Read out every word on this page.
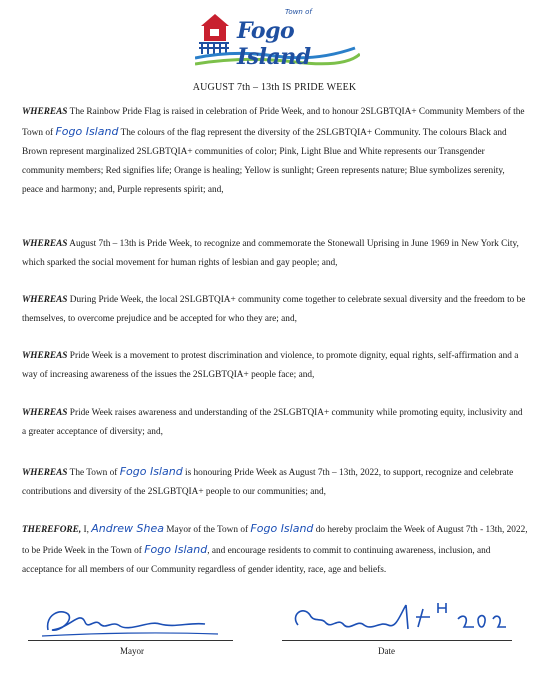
Town of
Fogo Island
AUGUST 7th – 13th IS PRIDE WEEK

WHEREAS The Rainbow Pride Flag is raised in celebration of Pride Week, and to honour 2SLGBTQIA+ Community Members of the Town of Fogo Island The colours of the flag represent the diversity of the 2SLGBTQIA+ Community. The colours Black and Brown represent marginalized 2SLGBTQIA+ communities of color; Pink, Light Blue and White represents our Transgender community members; Red signifies life; Orange is healing; Yellow is sunlight; Green represents nature; Blue symbolizes serenity, peace and harmony; and, Purple represents spirit; and,

WHEREAS August 7th – 13th is Pride Week, to recognize and commemorate the Stonewall Uprising in June 1969 in New York City, which sparked the social movement for human rights of lesbian and gay people; and,

WHEREAS During Pride Week, the local 2SLGBTQIA+ community come together to celebrate sexual diversity and the freedom to be themselves, to overcome prejudice and be accepted for who they are; and,

WHEREAS Pride Week is a movement to protest discrimination and violence, to promote dignity, equal rights, self-affirmation and a way of increasing awareness of the issues the 2SLGBTQIA+ people face; and,

WHEREAS Pride Week raises awareness and understanding of the 2SLGBTQIA+ community while promoting equity, inclusivity and a greater acceptance of diversity; and,

WHEREAS The Town of Fogo Island is honouring Pride Week as August 7th – 13th, 2022, to support, recognize and celebrate contributions and diversity of the 2SLGBTQIA+ people to our communities; and,

THEREFORE, I, Andrew Shea Mayor of the Town of Fogo Island do hereby proclaim the Week of August 7th - 13th, 2022, to be Pride Week in the Town of Fogo Island, and encourage residents to commit to continuing awareness, inclusion, and acceptance for all members of our Community regardless of gender identity, race, age and beliefs.

Mayor	Date
